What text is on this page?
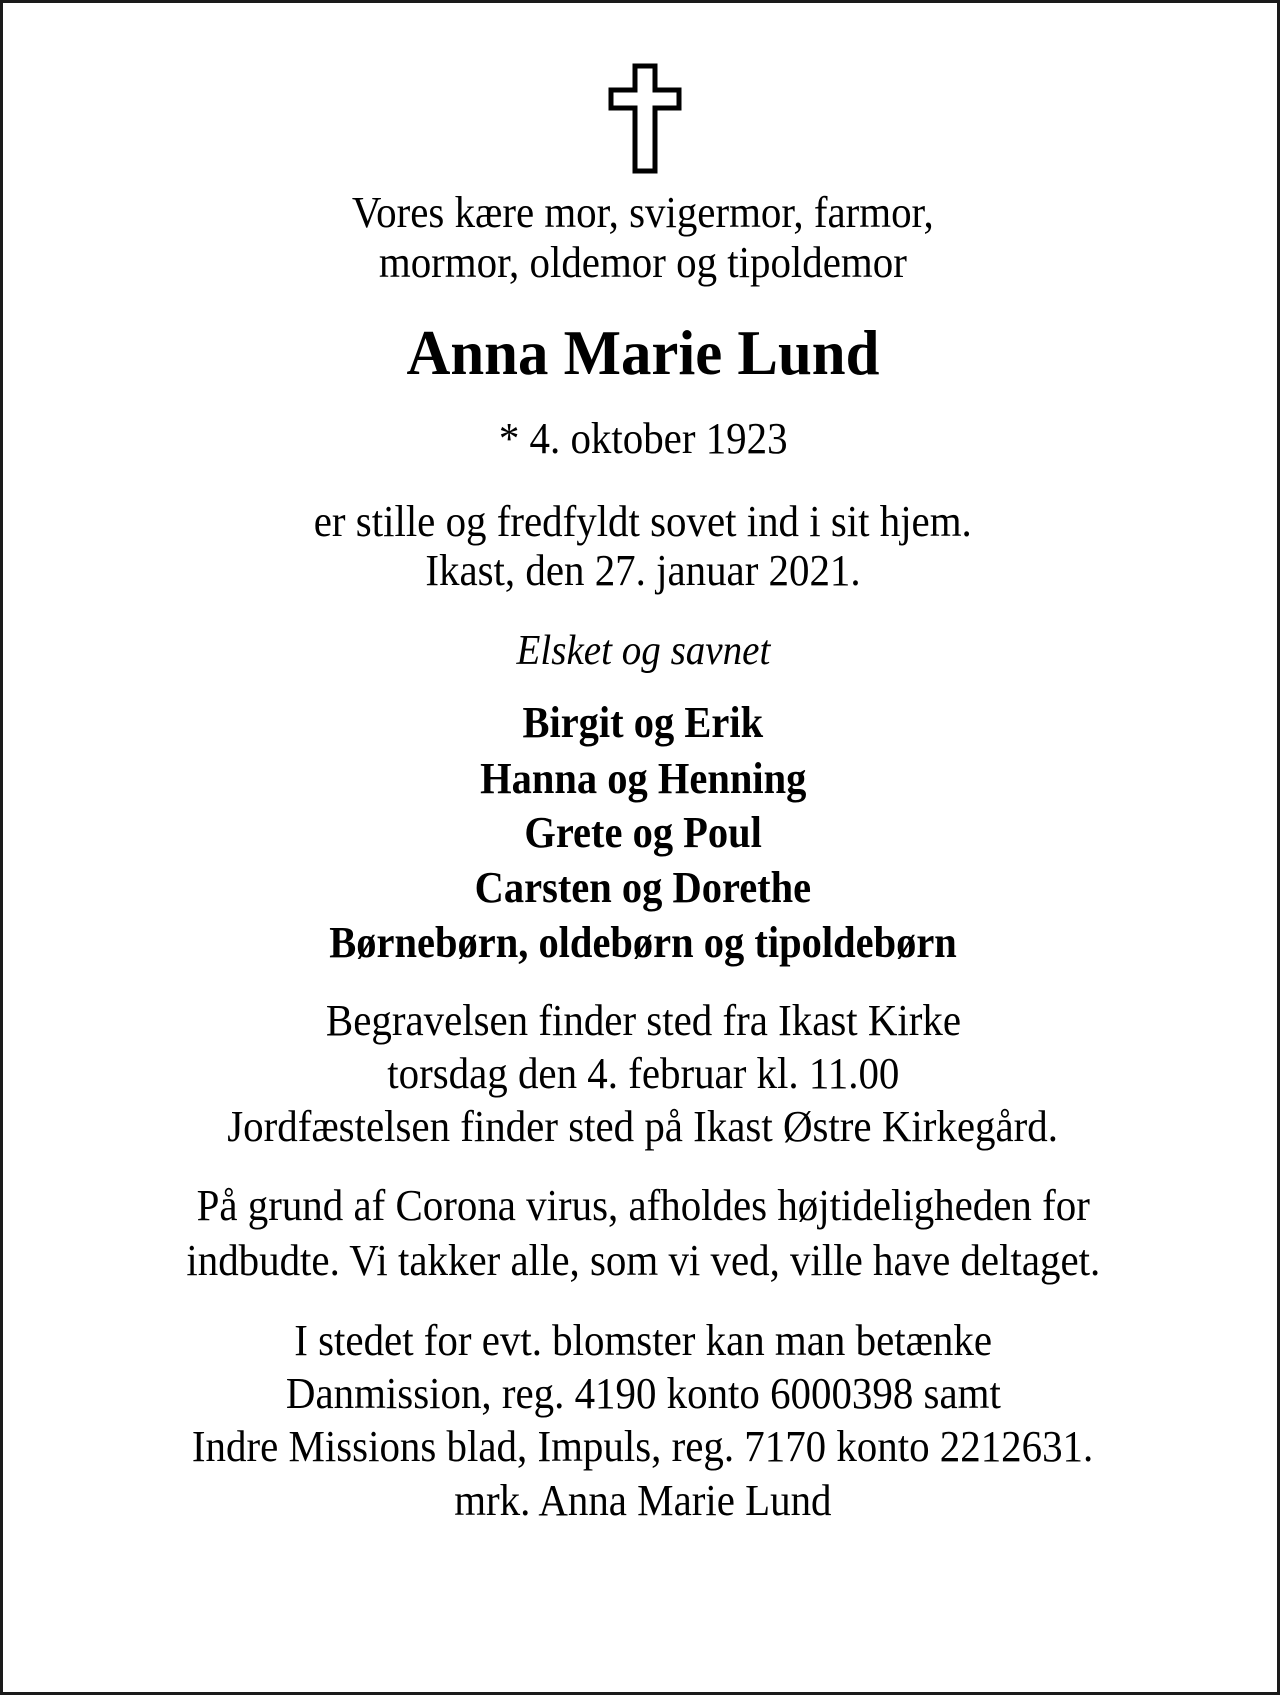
Vores kære mor, svigermor, farmor,
mormor, oldemor og tipoldemor
Anna Marie Lund
* 4. oktober 1923
er stille og fredfyldt sovet ind i sit hjem.
Ikast, den 27. januar 2021.
Elsket og savnet
Birgit og Erik
Hanna og Henning
Grete og Poul
Carsten og Dorethe
Børnebørn, oldebørn og tipoldebørn
Begravelsen finder sted fra Ikast Kirke
torsdag den 4. februar kl. 11.00
Jordfæstelsen finder sted på Ikast Østre Kirkegård.
På grund af Corona virus, afholdes højtideligheden for
indbudte. Vi takker alle, som vi ved, ville have deltaget.
I stedet for evt. blomster kan man betænke
Danmission, reg. 4190 konto 6000398 samt
Indre Missions blad, Impuls, reg. 7170 konto 2212631.
mrk. Anna Marie Lund
